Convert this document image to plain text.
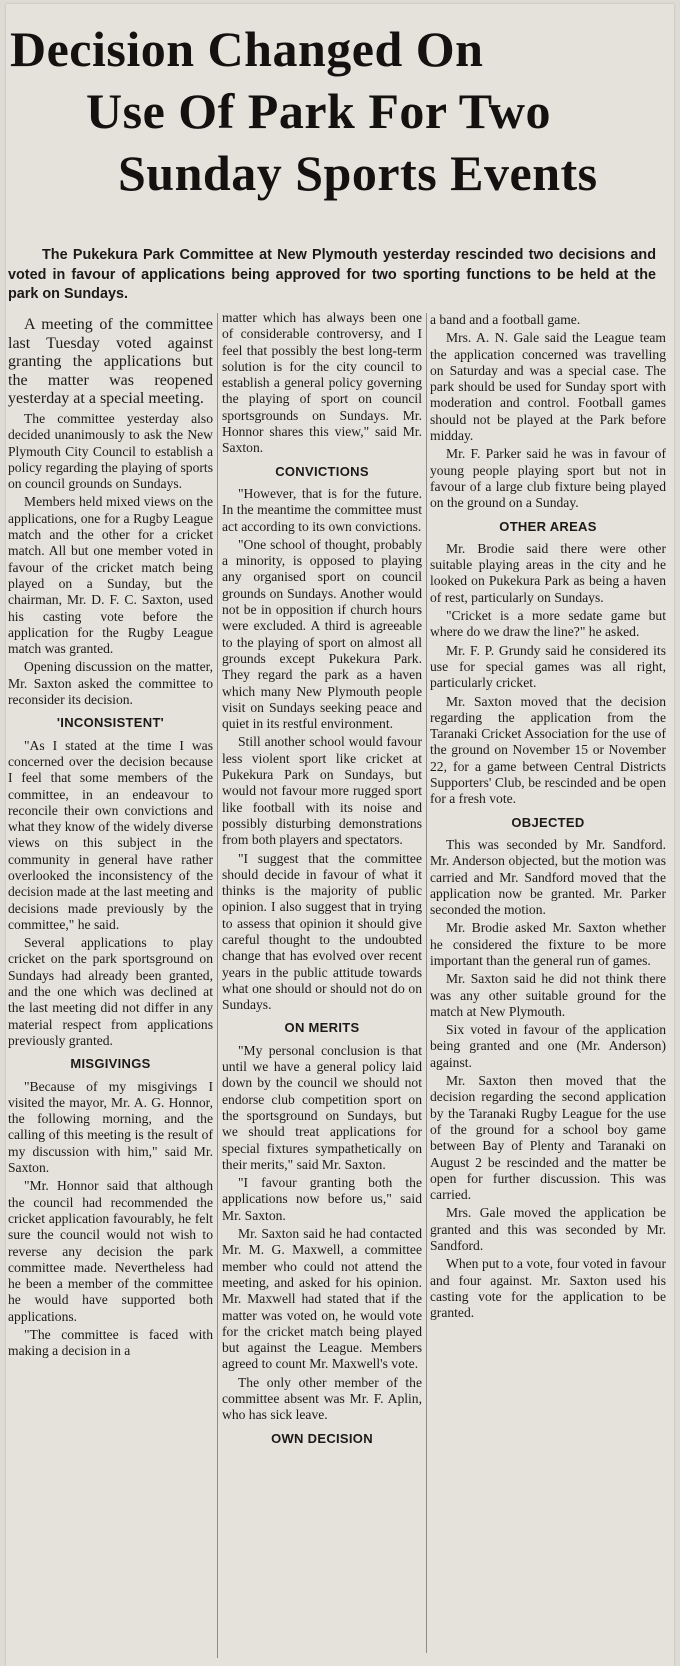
Decision Changed On
Use Of Park For Two
Sunday Sports Events
The Pukekura Park Committee at New Plymouth yesterday rescinded two decisions and voted in favour of applications being approved for two sporting functions to be held at the park on Sundays.

A meeting of the committee last Tuesday voted against granting the applications but the matter was reopened yesterday at a special meeting.

The committee yesterday also decided unanimously to ask the New Plymouth City Council to establish a policy regarding the playing of sports on council grounds on Sundays.

Members held mixed views on the applications, one for a Rugby League match and the other for a cricket match. All but one member voted in favour of the cricket match being played on a Sunday, but the chairman, Mr. D. F. C. Saxton, used his casting vote before the application for the Rugby League match was granted.

Opening discussion on the matter, Mr. Saxton asked the committee to reconsider its decision.

'INCONSISTENT'

"As I stated at the time I was concerned over the decision because I feel that some members of the committee, in an endeavour to reconcile their own convictions and what they know of the widely diverse views on this subject in the community in general have rather overlooked the inconsistency of the decision made at the last meeting and decisions made previously by the committee," he said.

Several applications to play cricket on the park sportsground on Sundays had already been granted, and the one which was declined at the last meeting did not differ in any material respect from applications previously granted.

MISGIVINGS

"Because of my misgivings I visited the mayor, Mr. A. G. Honnor, the following morning, and the calling of this meeting is the result of my discussion with him," said Mr. Saxton.

"Mr. Honnor said that although the council had recommended the cricket application favourably, he felt sure the council would not wish to reverse any decision the park committee made. Nevertheless had he been a member of the committee he would have supported both applications.

"The committee is faced with making a decision in a

matter which has always been one of considerable controversy, and I feel that possibly the best long-term solution is for the city council to establish a general policy governing the playing of sport on council sportsgrounds on Sundays. Mr. Honnor shares this view," said Mr. Saxton.

CONVICTIONS

"However, that is for the future. In the meantime the committee must act according to its own convictions.

"One school of thought, probably a minority, is opposed to playing any organised sport on council grounds on Sundays. Another would not be in opposition if church hours were excluded. A third is agreeable to the playing of sport on almost all grounds except Pukekura Park. They regard the park as a haven which many New Plymouth people visit on Sundays seeking peace and quiet in its restful environment.

Still another school would favour less violent sport like cricket at Pukekura Park on Sundays, but would not favour more rugged sport like football with its noise and possibly disturbing demonstrations from both players and spectators.

"I suggest that the committee should decide in favour of what it thinks is the majority of public opinion. I also suggest that in trying to assess that opinion it should give careful thought to the undoubted change that has evolved over recent years in the public attitude towards what one should or should not do on Sundays.

ON MERITS

"My personal conclusion is that until we have a general policy laid down by the council we should not endorse club competition sport on the sportsground on Sundays, but we should treat applications for special fixtures sympathetically on their merits," said Mr. Saxton.

"I favour granting both the applications now before us," said Mr. Saxton.

Mr. Saxton said he had contacted Mr. M. G. Maxwell, a committee member who could not attend the meeting, and asked for his opinion. Mr. Maxwell had stated that if the matter was voted on, he would vote for the cricket match being played but against the League. Members agreed to count Mr. Maxwell's vote.

The only other member of the committee absent was Mr. F. Aplin, who has sick leave.

OWN DECISION

a band and a football game.

Mrs. A. N. Gale said the League team the application concerned was travelling on Saturday and was a special case. The park should be used for Sunday sport with moderation and control. Football games should not be played at the Park before midday.

Mr. F. Parker said he was in favour of young people playing sport but not in favour of a large club fixture being played on the ground on a Sunday.

OTHER AREAS

Mr. Brodie said there were other suitable playing areas in the city and he looked on Pukekura Park as being a haven of rest, particularly on Sundays.

"Cricket is a more sedate game but where do we draw the line?" he asked.

Mr. F. P. Grundy said he considered its use for special games was all right, particularly cricket.

Mr. Saxton moved that the decision regarding the application from the Taranaki Cricket Association for the use of the ground on November 15 or November 22, for a game between Central Districts Supporters' Club, be rescinded and be open for a fresh vote.

OBJECTED

This was seconded by Mr. Sandford. Mr. Anderson objected, but the motion was carried and Mr. Sandford moved that the application now be granted. Mr. Parker seconded the motion.

Mr. Brodie asked Mr. Saxton whether he considered the fixture to be more important than the general run of games.

Mr. Saxton said he did not think there was any other suitable ground for the match at New Plymouth.

Six voted in favour of the application being granted and one (Mr. Anderson) against.

Mr. Saxton then moved that the decision regarding the second application by the Taranaki Rugby League for the use of the ground for a school boy game between Bay of Plenty and Taranaki on August 2 be rescinded and the matter be open for further discussion. This was carried.

Mrs. Gale moved the application be granted and this was seconded by Mr. Sandford.

When put to a vote, four voted in favour and four against. Mr. Saxton used his casting vote for the application to be granted.
